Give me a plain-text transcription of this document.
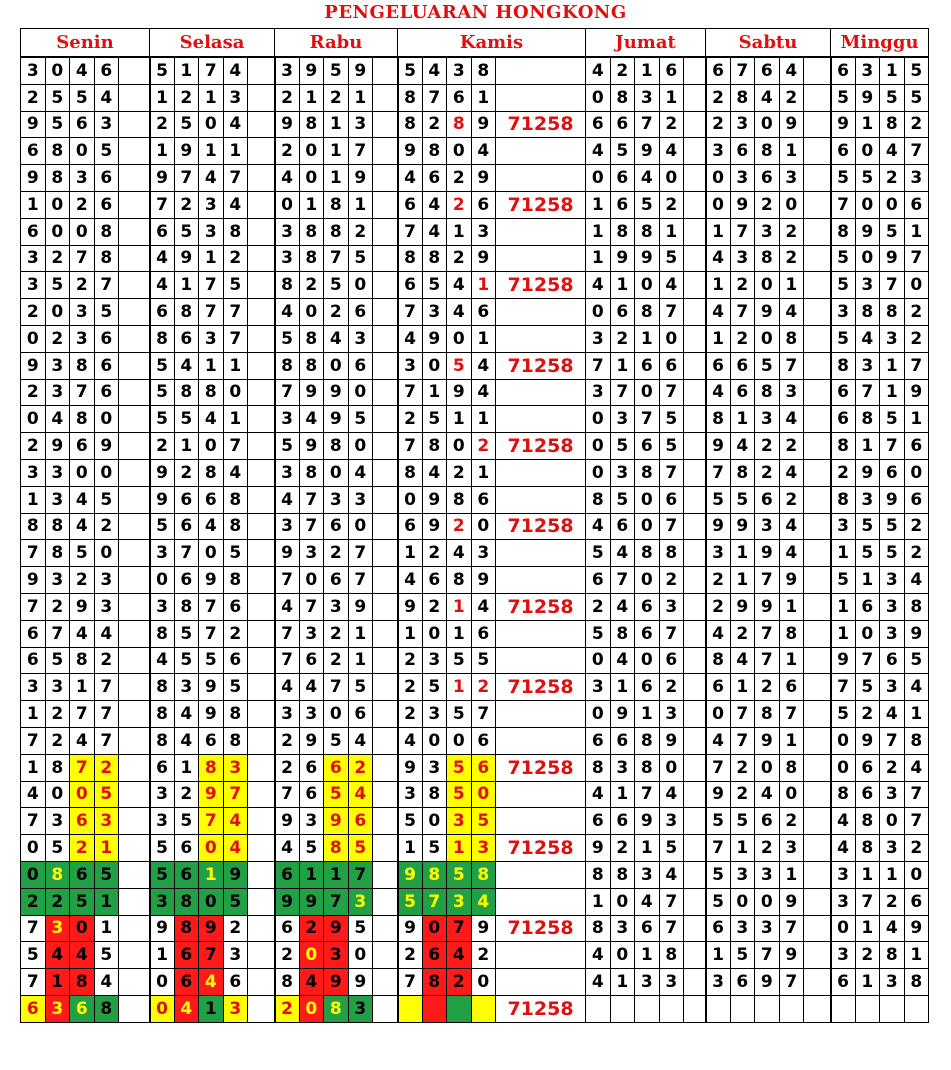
PENGELUARAN HONGKONG
Senin					Selasa					Rabu					Kamis					Jumat					Sabtu					Minggu			
3	0	4	6		5	1	7	4		3	9	5	9		5	4	3	8		4	2	1	6		6	7	6	4		6	3	1	5
2	5	5	4		1	2	1	3		2	1	2	1		8	7	6	1		0	8	3	1		2	8	4	2		5	9	5	5
9	5	6	3		2	5	0	4		9	8	1	3		8	2	8	9	71258	6	6	7	2		2	3	0	9		9	1	8	2
6	8	0	5		1	9	1	1		2	0	1	7		9	8	0	4		4	5	9	4		3	6	8	1		6	0	4	7
9	8	3	6		9	7	4	7		4	0	1	9		4	6	2	9		0	6	4	0		0	3	6	3		5	5	2	3
1	0	2	6		7	2	3	4		0	1	8	1		6	4	2	6	71258	1	6	5	2		0	9	2	0		7	0	0	6
6	0	0	8		6	5	3	8		3	8	8	2		7	4	1	3		1	8	8	1		1	7	3	2		8	9	5	1
3	2	7	8		4	9	1	2		3	8	7	5		8	8	2	9		1	9	9	5		4	3	8	2		5	0	9	7
3	5	2	7		4	1	7	5		8	2	5	0		6	5	4	1	71258	4	1	0	4		1	2	0	1		5	3	7	0
2	0	3	5		6	8	7	7		4	0	2	6		7	3	4	6		0	6	8	7		4	7	9	4		3	8	8	2
0	2	3	6		8	6	3	7		5	8	4	3		4	9	0	1		3	2	1	0		1	2	0	8		5	4	3	2
9	3	8	6		5	4	1	1		8	8	0	6		3	0	5	4	71258	7	1	6	6		6	6	5	7		8	3	1	7
2	3	7	6		5	8	8	0		7	9	9	0		7	1	9	4		3	7	0	7		4	6	8	3		6	7	1	9
0	4	8	0		5	5	4	1		3	4	9	5		2	5	1	1		0	3	7	5		8	1	3	4		6	8	5	1
2	9	6	9		2	1	0	7		5	9	8	0		7	8	0	2	71258	0	5	6	5		9	4	2	2		8	1	7	6
3	3	0	0		9	2	8	4		3	8	0	4		8	4	2	1		0	3	8	7		7	8	2	4		2	9	6	0
1	3	4	5		9	6	6	8		4	7	3	3		0	9	8	6		8	5	0	6		5	5	6	2		8	3	9	6
8	8	4	2		5	6	4	8		3	7	6	0		6	9	2	0	71258	4	6	0	7		9	9	3	4		3	5	5	2
7	8	5	0		3	7	0	5		9	3	2	7		1	2	4	3		5	4	8	8		3	1	9	4		1	5	5	2
9	3	2	3		0	6	9	8		7	0	6	7		4	6	8	9		6	7	0	2		2	1	7	9		5	1	3	4
7	2	9	3		3	8	7	6		4	7	3	9		9	2	1	4	71258	2	4	6	3		2	9	9	1		1	6	3	8
6	7	4	4		8	5	7	2		7	3	2	1		1	0	1	6		5	8	6	7		4	2	7	8		1	0	3	9
6	5	8	2		4	5	5	6		7	6	2	1		2	3	5	5		0	4	0	6		8	4	7	1		9	7	6	5
3	3	1	7		8	3	9	5		4	4	7	5		2	5	1	2	71258	3	1	6	2		6	1	2	6		7	5	3	4
1	2	7	7		8	4	9	8		3	3	0	6		2	3	5	7		0	9	1	3		0	7	8	7		5	2	4	1
7	2	4	7		8	4	6	8		2	9	5	4		4	0	0	6		6	6	8	9		4	7	9	1		0	9	7	8
1	8	7	2		6	1	8	3		2	6	6	2		9	3	5	6	71258	8	3	8	0		7	2	0	8		0	6	2	4
4	0	0	5		3	2	9	7		7	6	5	4		3	8	5	0		4	1	7	4		9	2	4	0		8	6	3	7
7	3	6	3		3	5	7	4		9	3	9	6		5	0	3	5		6	6	9	3		5	5	6	2		4	8	0	7
0	5	2	1		5	6	0	4		4	5	8	5		1	5	1	3	71258	9	2	1	5		7	1	2	3		4	8	3	2
0	8	6	5		5	6	1	9		6	1	1	7		9	8	5	8		8	8	3	4		5	3	3	1		3	1	1	0
2	2	5	1		3	8	0	5		9	9	7	3		5	7	3	4		1	0	4	7		5	0	0	9		3	7	2	6
7	3	0	1		9	8	9	2		6	2	9	5		9	0	7	9	71258	8	3	6	7		6	3	3	7		0	1	4	9
5	4	4	5		1	6	7	3		2	0	3	0		2	6	4	2		4	0	1	8		1	5	7	9		3	2	8	1
7	1	8	4		0	6	4	6		8	4	9	9		7	8	2	0		4	1	3	3		3	6	9	7		6	1	3	8
6	3	6	8		0	4	1	3		2	0	8	3						71258														
